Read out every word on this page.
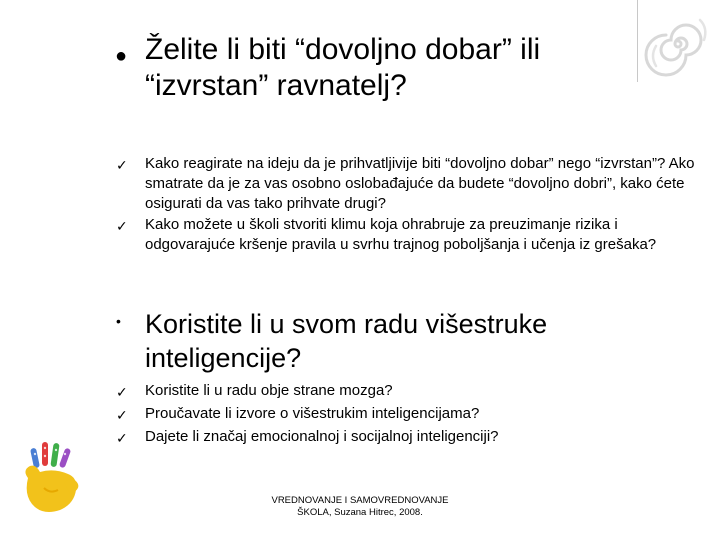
● Želite li biti “dovoljno dobar” ili “izvrstan” ravnatelj?
✓ Kako reagirate na ideju da je prihvatljivije biti “dovoljno dobar” nego “izvrstan”? Ako smatrate da je za vas osobno oslobađajuće da budete “dovoljno dobri”, kako ćete osigurati da vas tako prihvate drugi?

✓ Kako možete u školi stvoriti klimu koja ohrabruje za preuzimanje rizika i odgovarajuće kršenje pravila u svrhu trajnog poboljšanja i učenja iz grešaka?

• Koristite li u svom radu višestruke inteligencije?
✓ Koristite li u radu obje strane mozga?

✓ Proučavate li izvore o višestrukim inteligencijama?

✓ Dajete li značaj emocionalnoj i socijalnoj inteligenciji?

VREDNOVANJE I SAMOVREDNOVANJE
ŠKOLA, Suzana Hitrec, 2008.
